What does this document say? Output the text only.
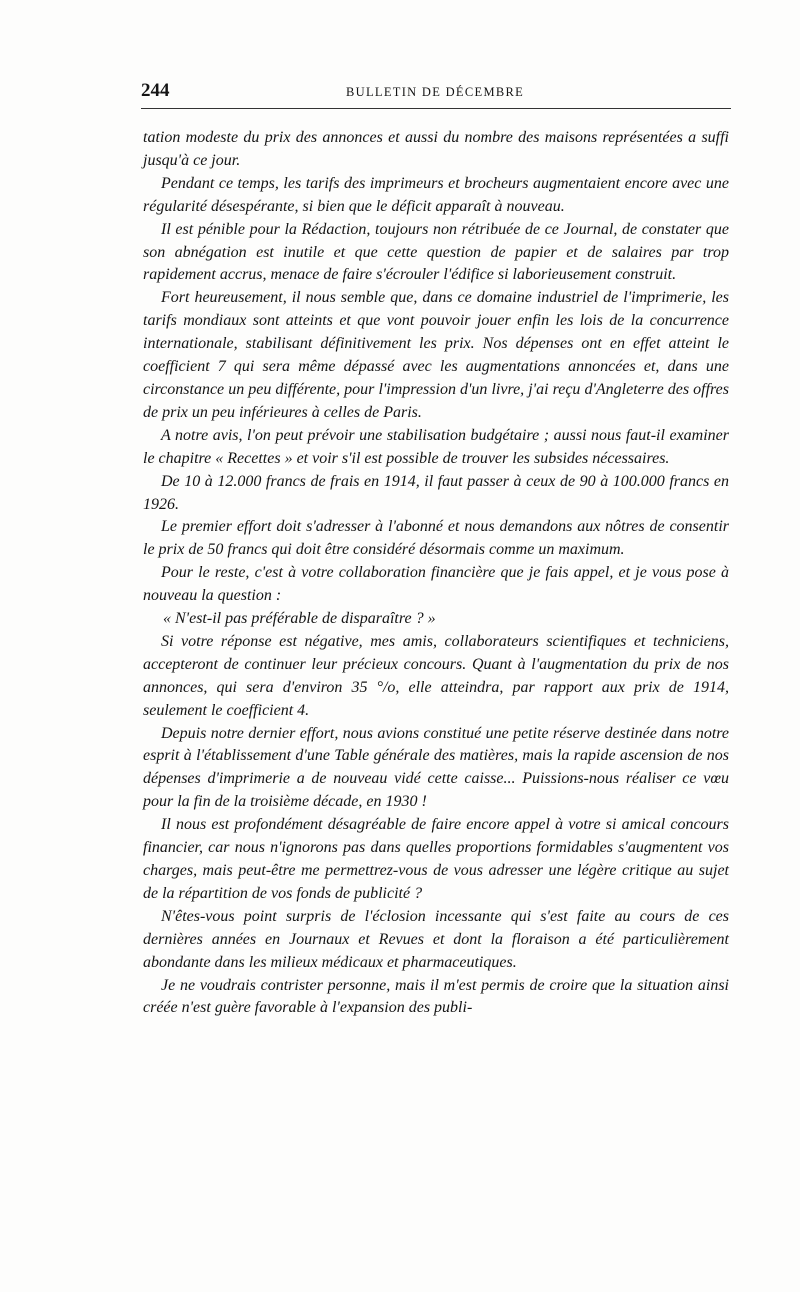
244	BULLETIN DE DÉCEMBRE

tation modeste du prix des annonces et aussi du nombre des maisons représentées a suffi jusqu'à ce jour.

Pendant ce temps, les tarifs des imprimeurs et brocheurs augmentaient encore avec une régularité désespérante, si bien que le déficit apparaît à nouveau.

Il est pénible pour la Rédaction, toujours non rétribuée de ce Journal, de constater que son abnégation est inutile et que cette question de papier et de salaires par trop rapidement accrus, menace de faire s'écrouler l'édifice si laborieusement construit.

Fort heureusement, il nous semble que, dans ce domaine industriel de l'imprimerie, les tarifs mondiaux sont atteints et que vont pouvoir jouer enfin les lois de la concurrence internationale, stabilisant définitivement les prix. Nos dépenses ont en effet atteint le coefficient 7 qui sera même dépassé avec les augmentations annoncées et, dans une circonstance un peu différente, pour l'impression d'un livre, j'ai reçu d'Angleterre des offres de prix un peu inférieures à celles de Paris.

A notre avis, l'on peut prévoir une stabilisation budgétaire ; aussi nous faut-il examiner le chapitre « Recettes » et voir s'il est possible de trouver les subsides nécessaires.

De 10 à 12.000 francs de frais en 1914, il faut passer à ceux de 90 à 100.000 francs en 1926.

Le premier effort doit s'adresser à l'abonné et nous demandons aux nôtres de consentir le prix de 50 francs qui doit être considéré désormais comme un maximum.

Pour le reste, c'est à votre collaboration financière que je fais appel, et je vous pose à nouveau la question :

« N'est-il pas préférable de disparaître ? »

Si votre réponse est négative, mes amis, collaborateurs scientifiques et techniciens, accepteront de continuer leur précieux concours. Quant à l'augmentation du prix de nos annonces, qui sera d'environ 35 °/o, elle atteindra, par rapport aux prix de 1914, seulement le coefficient 4.

Depuis notre dernier effort, nous avions constitué une petite réserve destinée dans notre esprit à l'établissement d'une Table générale des matières, mais la rapide ascension de nos dépenses d'imprimerie a de nouveau vidé cette caisse... Puissions-nous réaliser ce vœu pour la fin de la troisième décade, en 1930 !

Il nous est profondément désagréable de faire encore appel à votre si amical concours financier, car nous n'ignorons pas dans quelles proportions formidables s'augmentent vos charges, mais peut-être me permettrez-vous de vous adresser une légère critique au sujet de la répartition de vos fonds de publicité ?

N'êtes-vous point surpris de l'éclosion incessante qui s'est faite au cours de ces dernières années en Journaux et Revues et dont la floraison a été particulièrement abondante dans les milieux médicaux et pharmaceutiques.

Je ne voudrais contrister personne, mais il m'est permis de croire que la situation ainsi créée n'est guère favorable à l'expansion des publi-
